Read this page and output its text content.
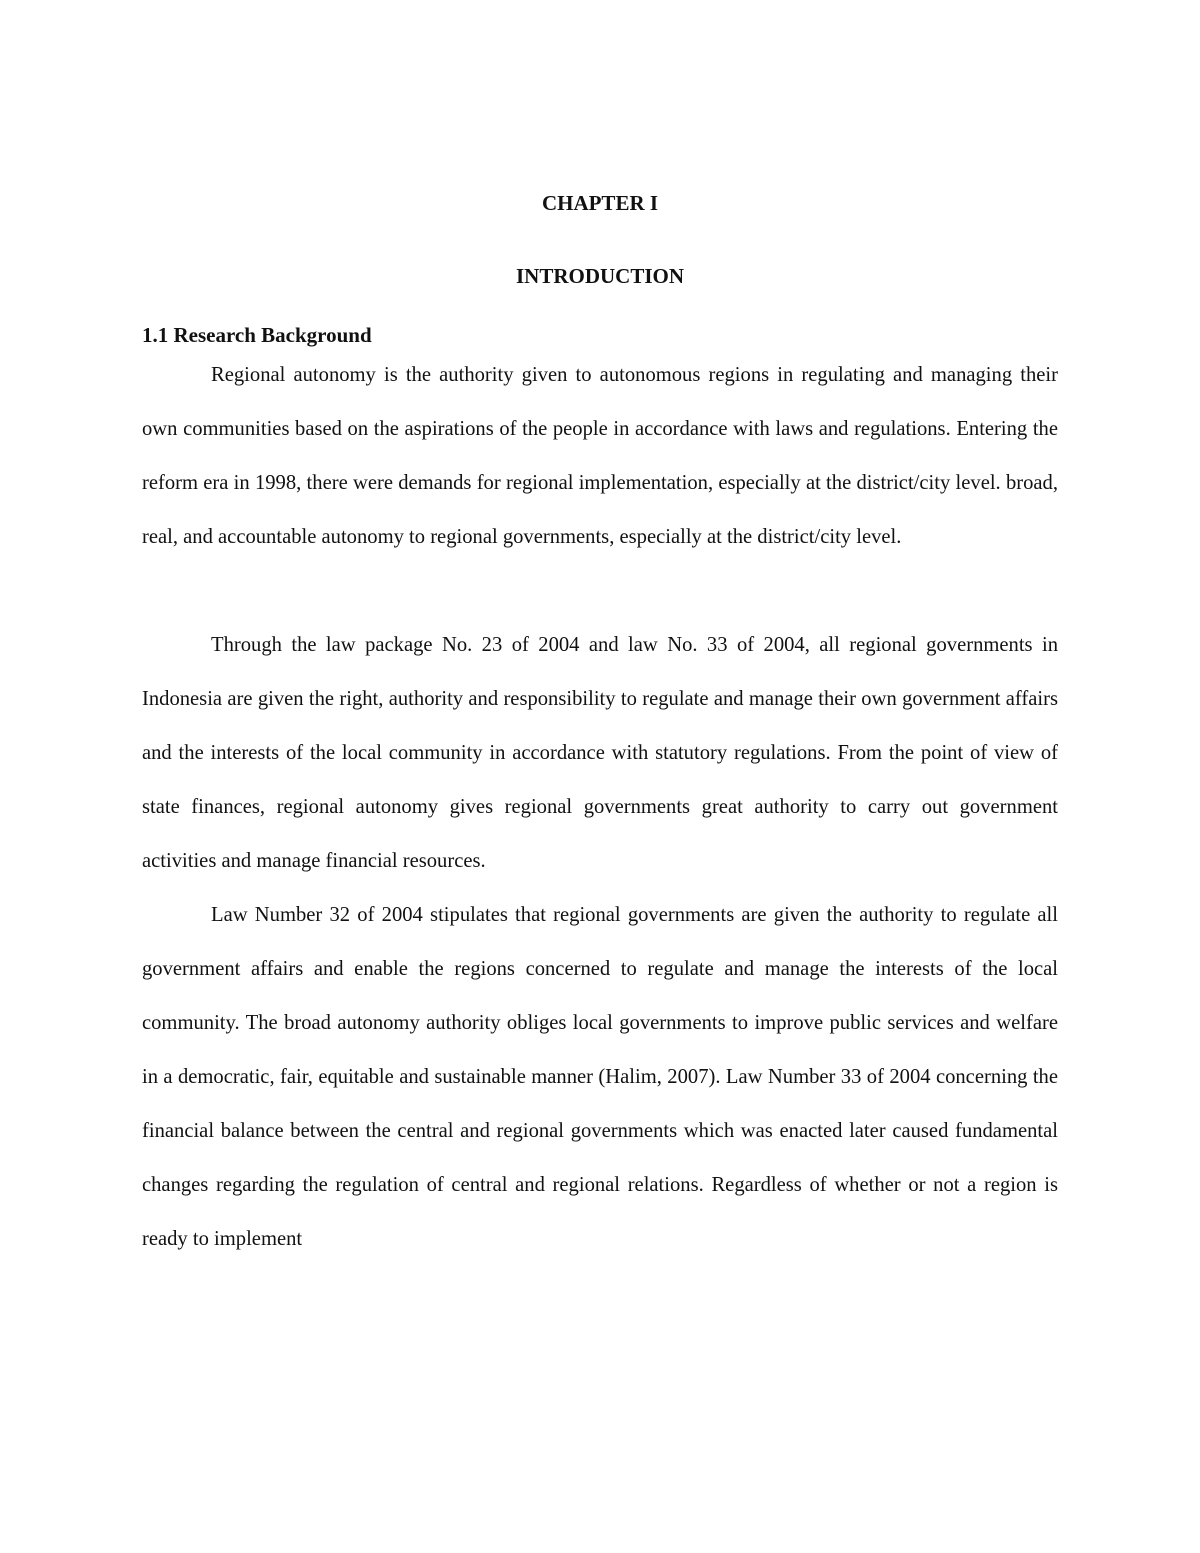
CHAPTER I
INTRODUCTION
1.1 Research Background

Regional autonomy is the authority given to autonomous regions in regulating and managing their own communities based on the aspirations of the people in accordance with laws and regulations. Entering the reform era in 1998, there were demands for regional implementation, especially at the district/city level. broad, real, and accountable autonomy to regional governments, especially at the district/city level.

Through the law package No. 23 of 2004 and law No. 33 of 2004, all regional governments in Indonesia are given the right, authority and responsibility to regulate and manage their own government affairs and the interests of the local community in accordance with statutory regulations. From the point of view of state finances, regional autonomy gives regional governments great authority to carry out government activities and manage financial resources.

Law Number 32 of 2004 stipulates that regional governments are given the authority to regulate all government affairs and enable the regions concerned to regulate and manage the interests of the local community. The broad autonomy authority obliges local governments to improve public services and welfare in a democratic, fair, equitable and sustainable manner (Halim, 2007). Law Number 33 of 2004 concerning the financial balance between the central and regional governments which was enacted later caused fundamental changes regarding the regulation of central and regional relations. Regardless of whether or not a region is ready to implement
